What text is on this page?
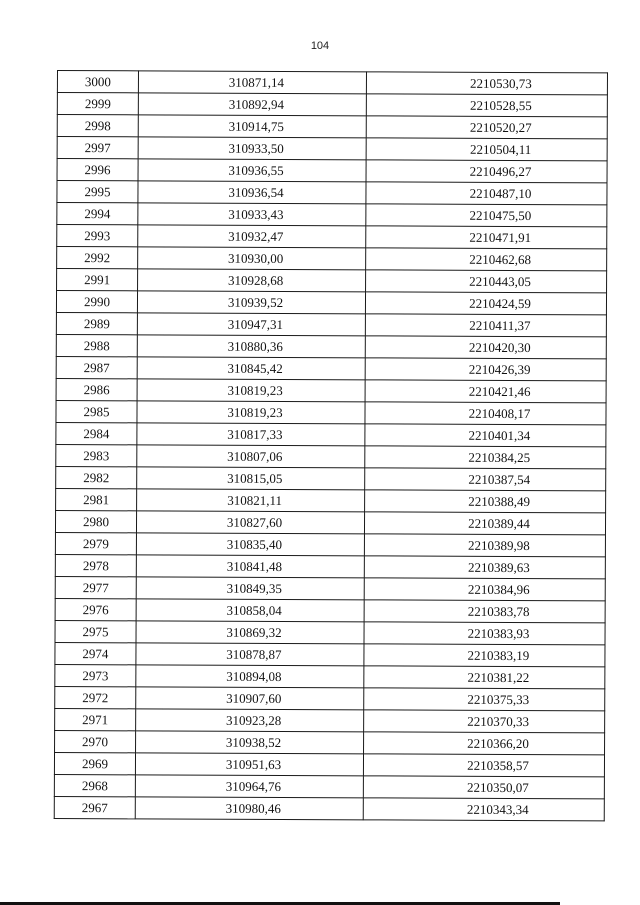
104
3000	310871,14	2210530,73
2999	310892,94	2210528,55
2998	310914,75	2210520,27
2997	310933,50	2210504,11
2996	310936,55	2210496,27
2995	310936,54	2210487,10
2994	310933,43	2210475,50
2993	310932,47	2210471,91
2992	310930,00	2210462,68
2991	310928,68	2210443,05
2990	310939,52	2210424,59
2989	310947,31	2210411,37
2988	310880,36	2210420,30
2987	310845,42	2210426,39
2986	310819,23	2210421,46
2985	310819,23	2210408,17
2984	310817,33	2210401,34
2983	310807,06	2210384,25
2982	310815,05	2210387,54
2981	310821,11	2210388,49
2980	310827,60	2210389,44
2979	310835,40	2210389,98
2978	310841,48	2210389,63
2977	310849,35	2210384,96
2976	310858,04	2210383,78
2975	310869,32	2210383,93
2974	310878,87	2210383,19
2973	310894,08	2210381,22
2972	310907,60	2210375,33
2971	310923,28	2210370,33
2970	310938,52	2210366,20
2969	310951,63	2210358,57
2968	310964,76	2210350,07
2967	310980,46	2210343,34
